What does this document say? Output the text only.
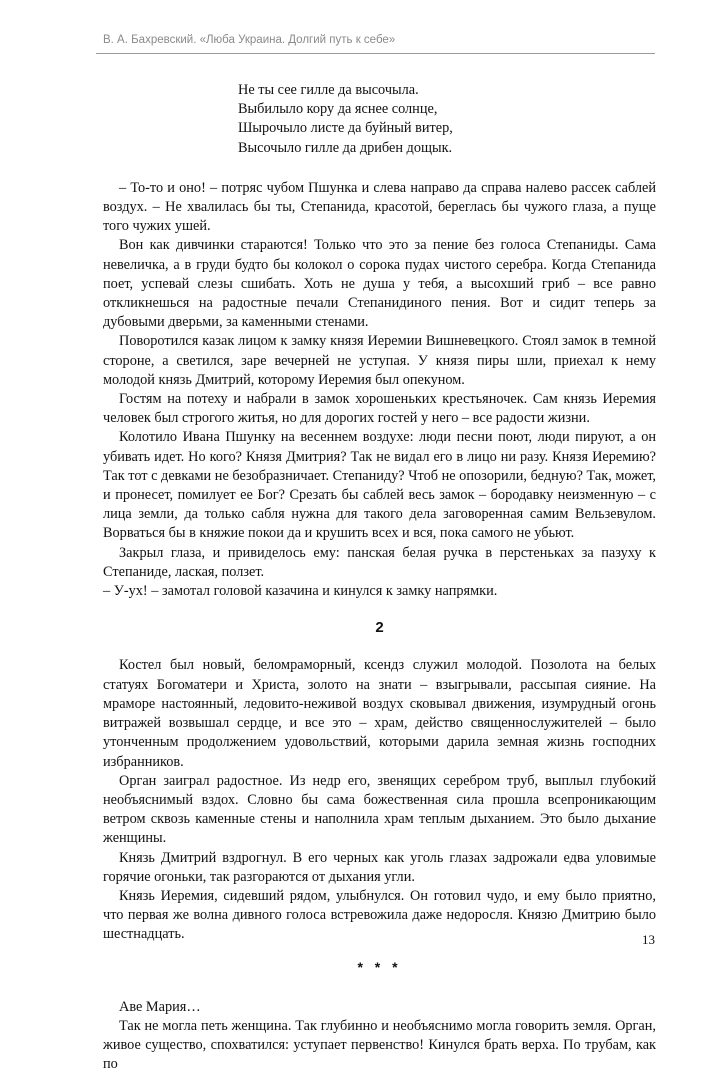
В. А. Бахревский. «Люба Украина. Долгий путь к себе»
Не ты сее гилле да высочыла.
Выбилыло кору да яснее солнце,
Шырочыло листе да буйный витер,
Высочыло гилле да дрибен дощык.

– То-то и оно! – потряс чубом Пшунка и слева направо да справа налево рассек саблей воздух. – Не хвалилась бы ты, Степанида, красотой, береглась бы чужого глаза, а пуще того чужих ушей.

Вон как дивчинки стараются! Только что это за пение без голоса Степаниды. Сама невеличка, а в груди будто бы колокол о сорока пудах чистого серебра. Когда Степанида поет, успевай слезы сшибать. Хоть не душа у тебя, а высохший гриб – все равно откликнешься на радостные печали Степанидиного пения. Вот и сидит теперь за дубовыми дверьми, за каменными стенами.

Поворотился казак лицом к замку князя Иеремии Вишневецкого. Стоял замок в темной стороне, а светился, заре вечерней не уступая. У князя пиры шли, приехал к нему молодой князь Дмитрий, которому Иеремия был опекуном.

Гостям на потеху и набрали в замок хорошеньких крестьяночек. Сам князь Иеремия человек был строгого житья, но для дорогих гостей у него – все радости жизни.

Колотило Ивана Пшунку на весеннем воздухе: люди песни поют, люди пируют, а он убивать идет. Но кого? Князя Дмитрия? Так не видал его в лицо ни разу. Князя Иеремию? Так тот с девками не безобразничает. Степаниду? Чтоб не опозорили, бедную? Так, может, и пронесет, помилует ее Бог? Срезать бы саблей весь замок – бородавку неизменную – с лица земли, да только сабля нужна для такого дела заговоренная самим Вельзевулом. Ворваться бы в княжие покои да и крушить всех и вся, пока самого не убьют.

Закрыл глаза, и привиделось ему: панская белая ручка в перстеньках за пазуху к Степаниде, лаская, ползет.

– У-ух! – замотал головой казачина и кинулся к замку напрямки.

2

Костел был новый, беломраморный, ксендз служил молодой. Позолота на белых статуях Богоматери и Христа, золото на знати – взыгрывали, рассыпая сияние. На мраморе настоянный, ледовито-неживой воздух сковывал движения, изумрудный огонь витражей возвышал сердце, и все это – храм, действо священнослужителей – было утонченным продолжением удовольствий, которыми дарила земная жизнь господних избранников.

Орган заиграл радостное. Из недр его, звенящих серебром труб, выплыл глубокий необъяснимый вздох. Словно бы сама божественная сила прошла всепроникающим ветром сквозь каменные стены и наполнила храм теплым дыханием. Это было дыхание женщины.

Князь Дмитрий вздрогнул. В его черных как уголь глазах задрожали едва уловимые горячие огоньки, так разгораются от дыхания угли.

Князь Иеремия, сидевший рядом, улыбнулся. Он готовил чудо, и ему было приятно, что первая же волна дивного голоса встревожила даже недоросля. Князю Дмитрию было шестнадцать.

* * *

Аве Мария…

Так не могла петь женщина. Так глубинно и необъяснимо могла говорить земля. Орган, живое существо, спохватился: уступает первенство! Кинулся брать верха. По трубам, как по

13
